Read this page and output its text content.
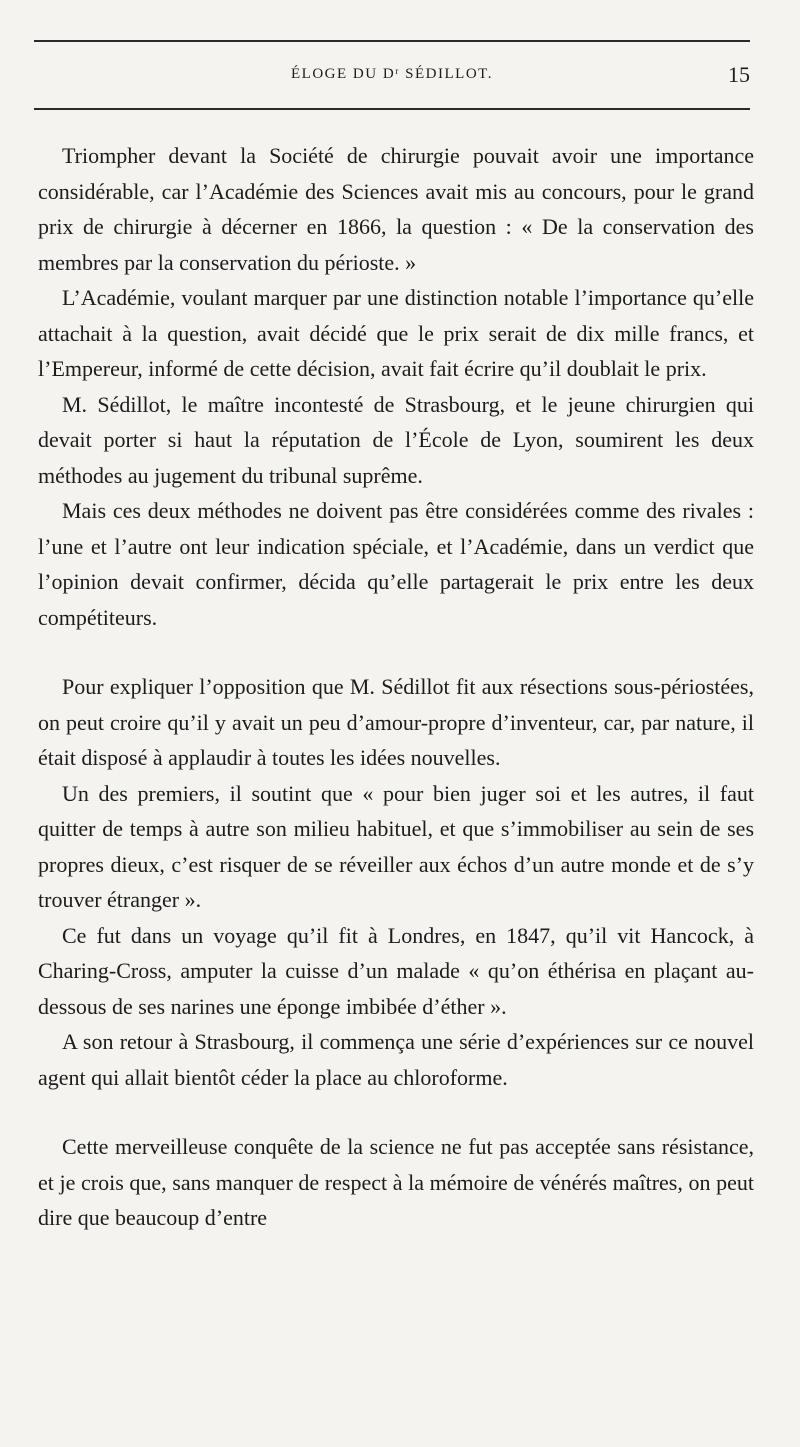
ÉLOGE DU Dʳ SÉDILLOT.	15

Triompher devant la Société de chirurgie pouvait avoir une importance considérable, car l’Académie des Sciences avait mis au concours, pour le grand prix de chirurgie à décerner en 1866, la question : « De la conservation des membres par la conservation du périoste. »

L’Académie, voulant marquer par une distinction notable l’importance qu’elle attachait à la question, avait décidé que le prix serait de dix mille francs, et l’Empereur, informé de cette décision, avait fait écrire qu’il doublait le prix.

M. Sédillot, le maître incontesté de Strasbourg, et le jeune chirurgien qui devait porter si haut la réputation de l’École de Lyon, soumirent les deux méthodes au jugement du tribunal suprême.

Mais ces deux méthodes ne doivent pas être considérées comme des rivales : l’une et l’autre ont leur indication spéciale, et l’Académie, dans un verdict que l’opinion devait confirmer, décida qu’elle partagerait le prix entre les deux compétiteurs.

Pour expliquer l’opposition que M. Sédillot fit aux résections sous-périostées, on peut croire qu’il y avait un peu d’amour-propre d’inventeur, car, par nature, il était disposé à applaudir à toutes les idées nouvelles.

Un des premiers, il soutint que « pour bien juger soi et les autres, il faut quitter de temps à autre son milieu habituel, et que s’immobiliser au sein de ses propres dieux, c’est risquer de se réveiller aux échos d’un autre monde et de s’y trouver étranger ».

Ce fut dans un voyage qu’il fit à Londres, en 1847, qu’il vit Hancock, à Charing-Cross, amputer la cuisse d’un malade « qu’on éthérisa en plaçant au-dessous de ses narines une éponge imbibée d’éther ».

A son retour à Strasbourg, il commença une série d’expériences sur ce nouvel agent qui allait bientôt céder la place au chloroforme.

Cette merveilleuse conquête de la science ne fut pas acceptée sans résistance, et je crois que, sans manquer de respect à la mémoire de vénérés maîtres, on peut dire que beaucoup d’entre
